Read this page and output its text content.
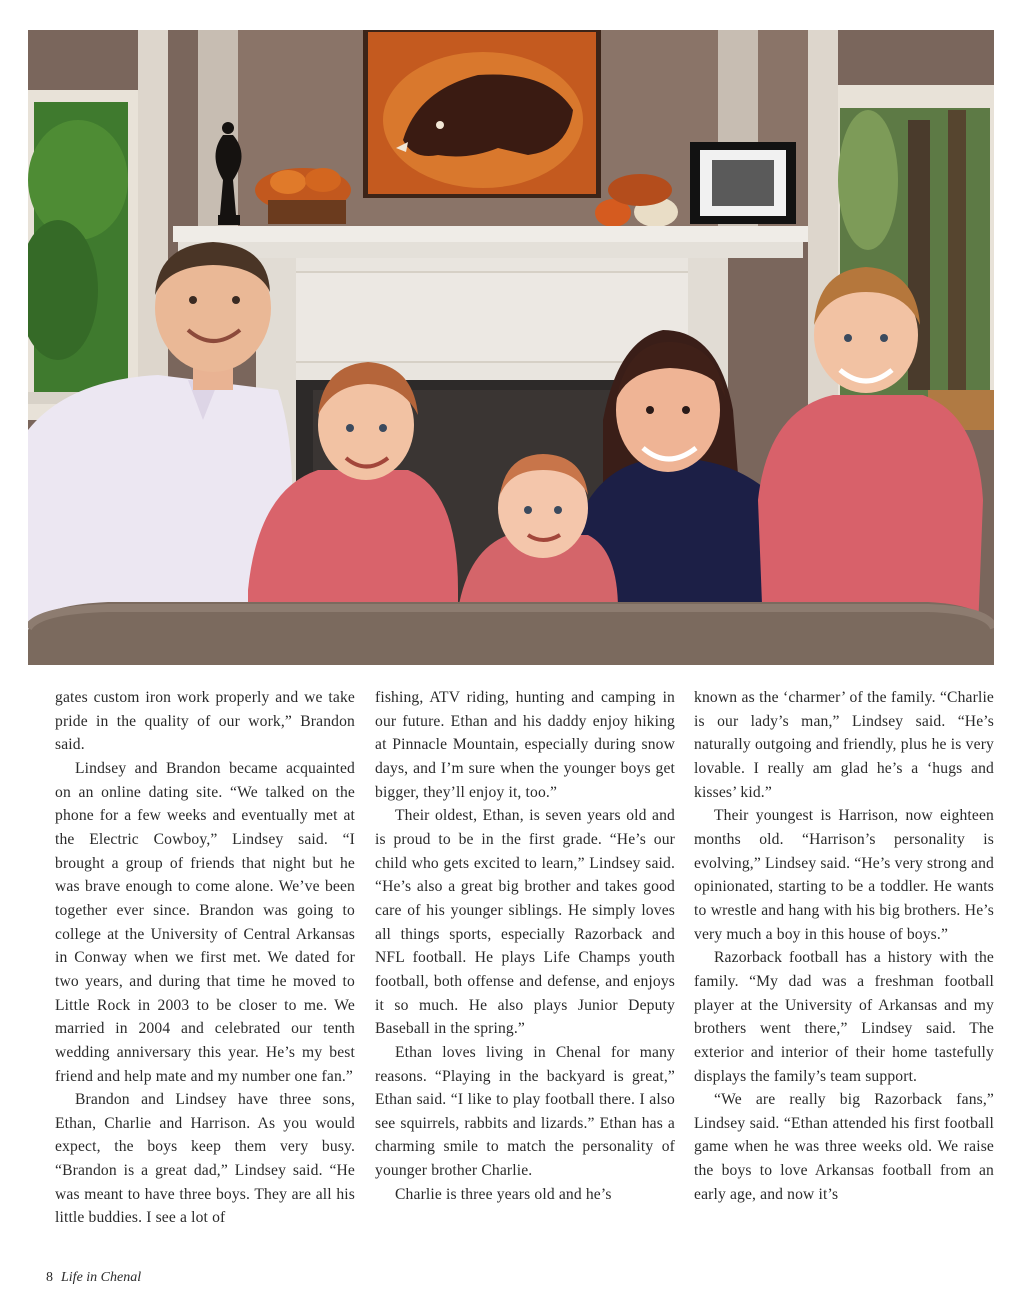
gates custom iron work properly and we take pride in the quality of our work,” Brandon said.

Lindsey and Brandon became acquainted on an online dating site. “We talked on the phone for a few weeks and eventually met at the Electric Cowboy,” Lindsey said. “I brought a group of friends that night but he was brave enough to come alone. We’ve been together ever since. Brandon was going to college at the University of Central Arkansas in Conway when we first met. We dated for two years, and during that time he moved to Little Rock in 2003 to be closer to me. We married in 2004 and celebrated our tenth wedding anniversary this year. He’s my best friend and help mate and my number one fan.”

Brandon and Lindsey have three sons, Ethan, Charlie and Harrison. As you would expect, the boys keep them very busy. “Brandon is a great dad,” Lindsey said. “He was meant to have three boys. They are all his little buddies. I see a lot of

fishing, ATV riding, hunting and camping in our future. Ethan and his daddy enjoy hiking at Pinnacle Mountain, especially during snow days, and I’m sure when the younger boys get bigger, they’ll enjoy it, too.”

Their oldest, Ethan, is seven years old and is proud to be in the first grade. “He’s our child who gets excited to learn,” Lindsey said. “He’s also a great big brother and takes good care of his younger siblings. He simply loves all things sports, especially Razorback and NFL football. He plays Life Champs youth football, both offense and defense, and enjoys it so much. He also plays Junior Deputy Baseball in the spring.”

Ethan loves living in Chenal for many reasons. “Playing in the backyard is great,” Ethan said. “I like to play football there. I also see squirrels, rabbits and lizards.” Ethan has a charming smile to match the personality of younger brother Charlie.

Charlie is three years old and he’s

known as the ‘charmer’ of the family. “Charlie is our lady’s man,” Lindsey said. “He’s naturally outgoing and friendly, plus he is very lovable. I really am glad he’s a ‘hugs and kisses’ kid.”

Their youngest is Harrison, now eighteen months old. “Harrison’s personality is evolving,” Lindsey said. “He’s very strong and opinionated, starting to be a toddler. He wants to wrestle and hang with his big brothers. He’s very much a boy in this house of boys.”

Razorback football has a history with the family. “My dad was a freshman football player at the University of Arkansas and my brothers went there,” Lindsey said. The exterior and interior of their home tastefully displays the family’s team support.

“We are really big Razorback fans,” Lindsey said. “Ethan attended his first football game when he was three weeks old. We raise the boys to love Arkansas football from an early age, and now it’s

8 Life in Chenal
